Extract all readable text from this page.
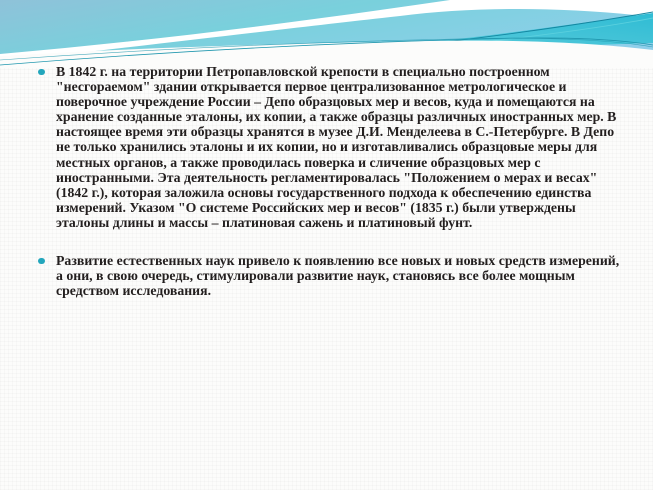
В 1842 г. на территории Петропавловской крепости в специально построенном "несгораемом" здании открывается первое централизованное метрологическое и поверочное учреждение России – Депо образцовых мер и весов, куда и помещаются на хранение созданные эталоны, их копии, а также образцы различных иностранных мер. В настоящее время эти образцы хранятся в музее Д.И. Менделеева в С.-Петербурге. В Депо не только хранились эталоны и их копии, но и изготавливались образцовые меры для местных органов, а также проводилась поверка и сличение образцовых мер с иностранными. Эта деятельность регламентировалась "Положением о мерах и весах" (1842 г.), которая заложила основы государственного подхода к обеспечению единства измерений. Указом "О системе Российских мер и весов" (1835 г.) были утверждены эталоны длины и массы – платиновая сажень и платиновый фунт.
Развитие естественных наук привело к появлению все новых и новых средств измерений, а они, в свою очередь, стимулировали развитие наук, становясь все более мощным средством исследования.
